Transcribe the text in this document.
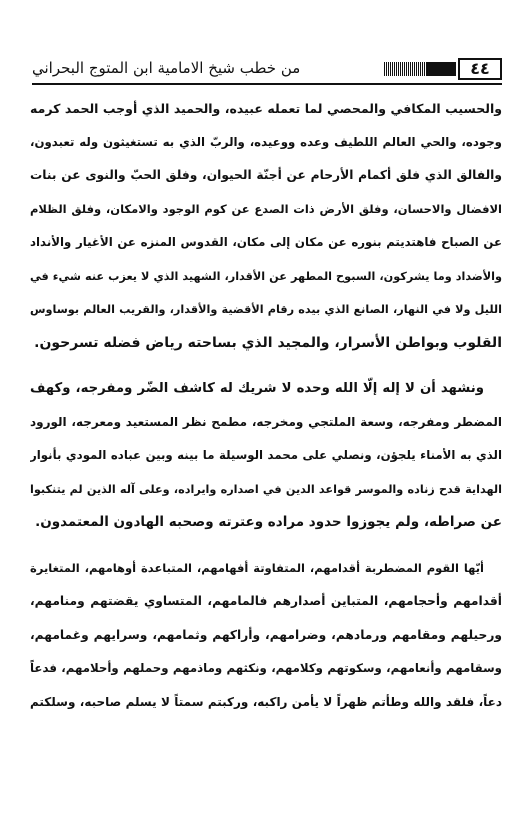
٤٤
من خطب شيخ الامامية ابن المتوج البحراني
والحسيب المكافي والمحصي لما تعمله عبيده، والحميد الذي أوجب الحمد كرمه
وجوده، والحي العالم اللطيف وعده ووعيده، والربّ الذي به تستغيثون وله تعبدون،
والفالق الذي فلق أكمام الأرحام عن أجنّة الحيوان، وفلق الحبّ والنوى عن بنات
الافضال والاحسان، وفلق الأرض ذات الصدع عن كوم الوجود والامكان، وفلق الظلام
عن الصباح فاهتديتم بنوره عن مكان إلى مكان، القدوس المنزه عن الأغيار والأنداد
والأضداد وما يشركون، السبوح المطهر عن الأقدار، الشهيد الذي لا يعزب عنه شيء في
الليل ولا في النهار، الصانع الذي بيده رقام الأقضية والأقدار، والقريب العالم بوساوس
القلوب وبواطن الأسرار، والمجيد الذي بساحته رياض فضله تسرحون.
ونشهد أن لا إله إلّا الله وحده لا شريك له كاشف الضّر ومفرجه، وكهف
المضطر ومفرجه، وسعة الملتجي ومخرجه، مطمح نظر المستعيد ومعرجه، الورود
الذي به الأمناء يلجؤن، ونصلي على محمد الوسيلة ما بينه وبين عباده المودي بأنوار
الهداية قدح زناده والموسر قواعد الدين في اصداره وايراده، وعلى آله الذين لم يتنكبوا
عن صراطه، ولم يجوزوا حدود مراده وعترته وصحبه الهادون المعتمدون.
أيّها القوم المضطربة أقدامهم، المتفاوتة أفهامهم، المتباعدة أوهامهم، المتغايرة
أقدامهم وأحجامهم، المتباين أصدارهم فالمامهم، المتساوي يقضتهم ومنامهم،
ورحيلهم ومقامهم ورمادهم، وضرامهم، وأراكهم وثمامهم، وسرايهم وغمامهم،
وسقامهم وأنعامهم، وسكوتهم وكلامهم، ونكثهم وماذمهم وحملهم وأحلامهم، فدعاً
دعاً، فلقد والله وطأتم ظهراً لا يأمن راكبه، وركبتم سمتاً لا يسلم صاحبه، وسلكتم
